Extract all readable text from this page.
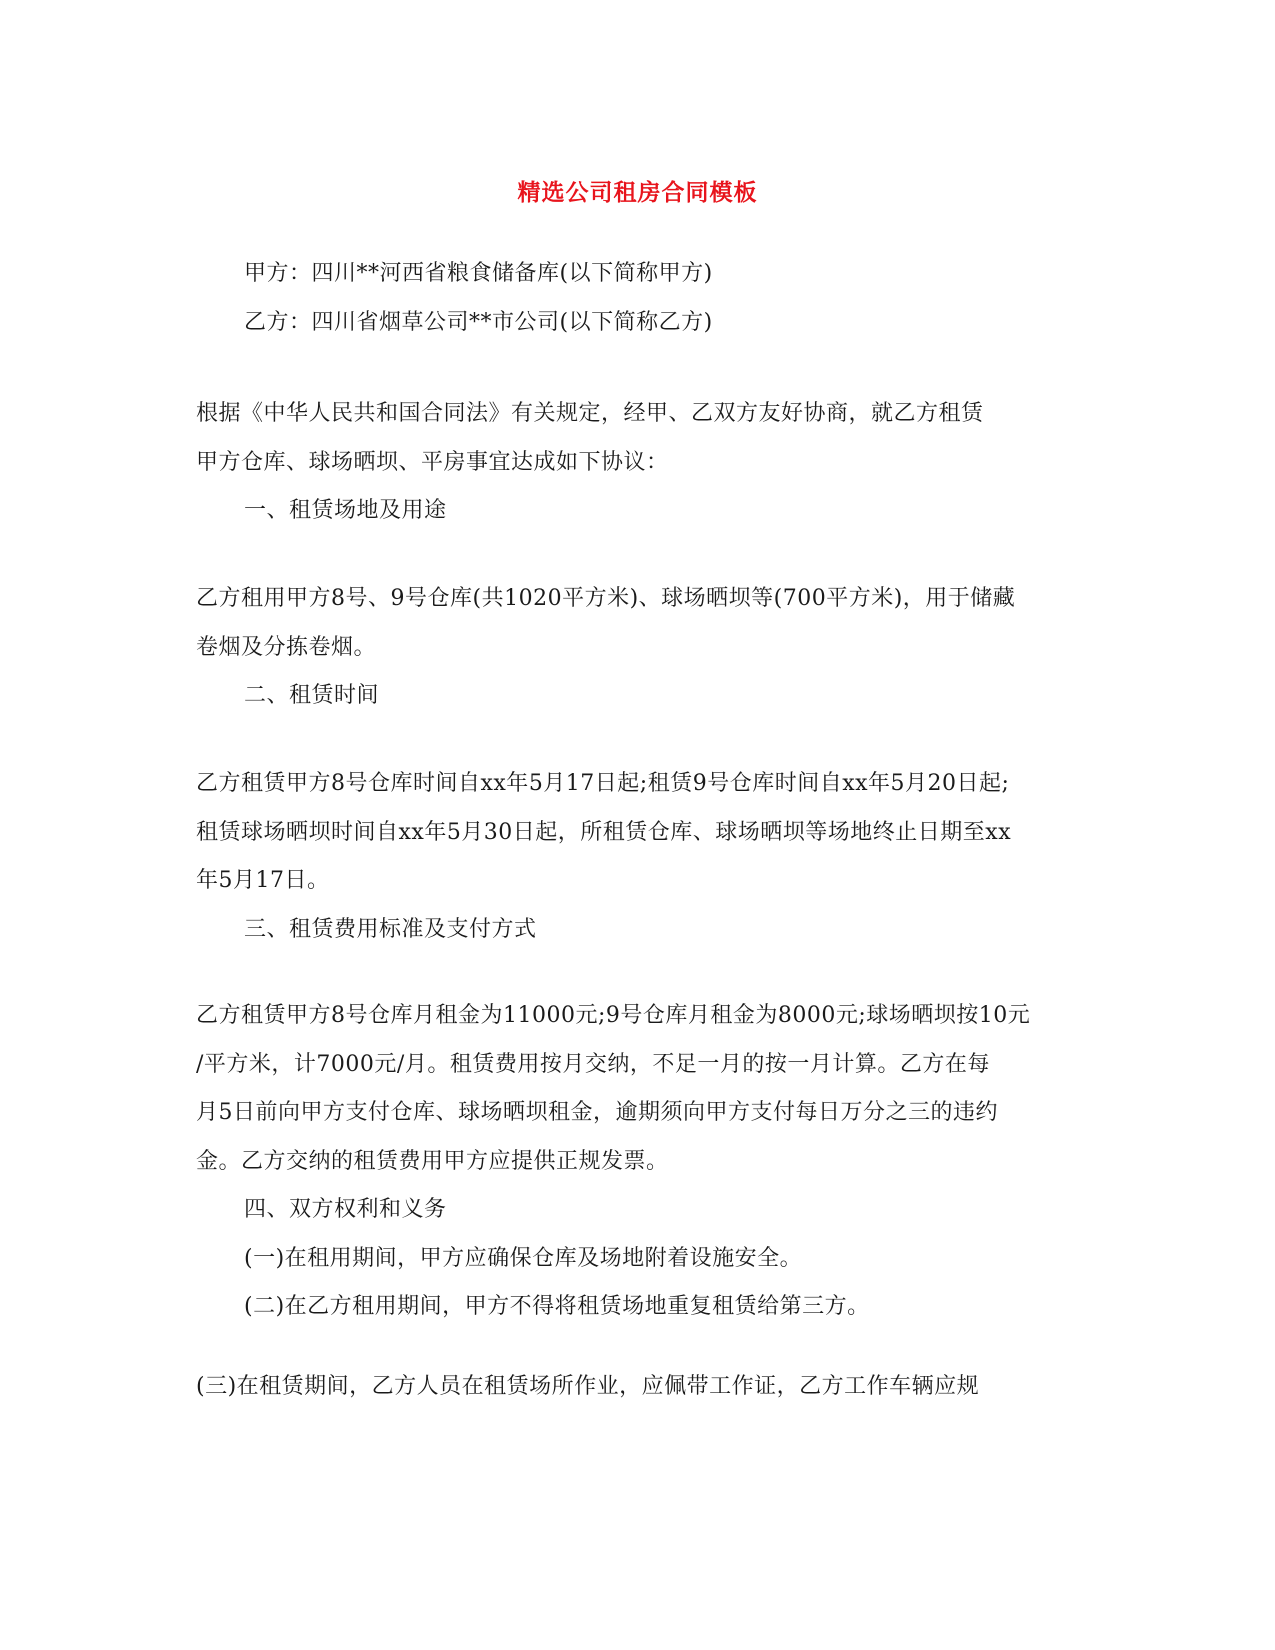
精选公司租房合同模板
甲方：四川**河西省粮食储备库(以下简称甲方)
乙方：四川省烟草公司**市公司(以下简称乙方)
根据《中华人民共和国合同法》有关规定，经甲、乙双方友好协商，就乙方租赁
甲方仓库、球场晒坝、平房事宜达成如下协议：
一、租赁场地及用途
乙方租用甲方8号、9号仓库(共1020平方米)、球场晒坝等(700平方米)，用于储藏
卷烟及分拣卷烟。
二、租赁时间
乙方租赁甲方8号仓库时间自xx年5月17日起;租赁9号仓库时间自xx年5月20日起;
租赁球场晒坝时间自xx年5月30日起，所租赁仓库、球场晒坝等场地终止日期至xx
年5月17日。
三、租赁费用标准及支付方式
乙方租赁甲方8号仓库月租金为11000元;9号仓库月租金为8000元;球场晒坝按10元
/平方米，计7000元/月。租赁费用按月交纳，不足一月的按一月计算。乙方在每
月5日前向甲方支付仓库、球场晒坝租金，逾期须向甲方支付每日万分之三的违约
金。乙方交纳的租赁费用甲方应提供正规发票。
四、双方权利和义务
(一)在租用期间，甲方应确保仓库及场地附着设施安全。
(二)在乙方租用期间，甲方不得将租赁场地重复租赁给第三方。
(三)在租赁期间，乙方人员在租赁场所作业，应佩带工作证，乙方工作车辆应规
